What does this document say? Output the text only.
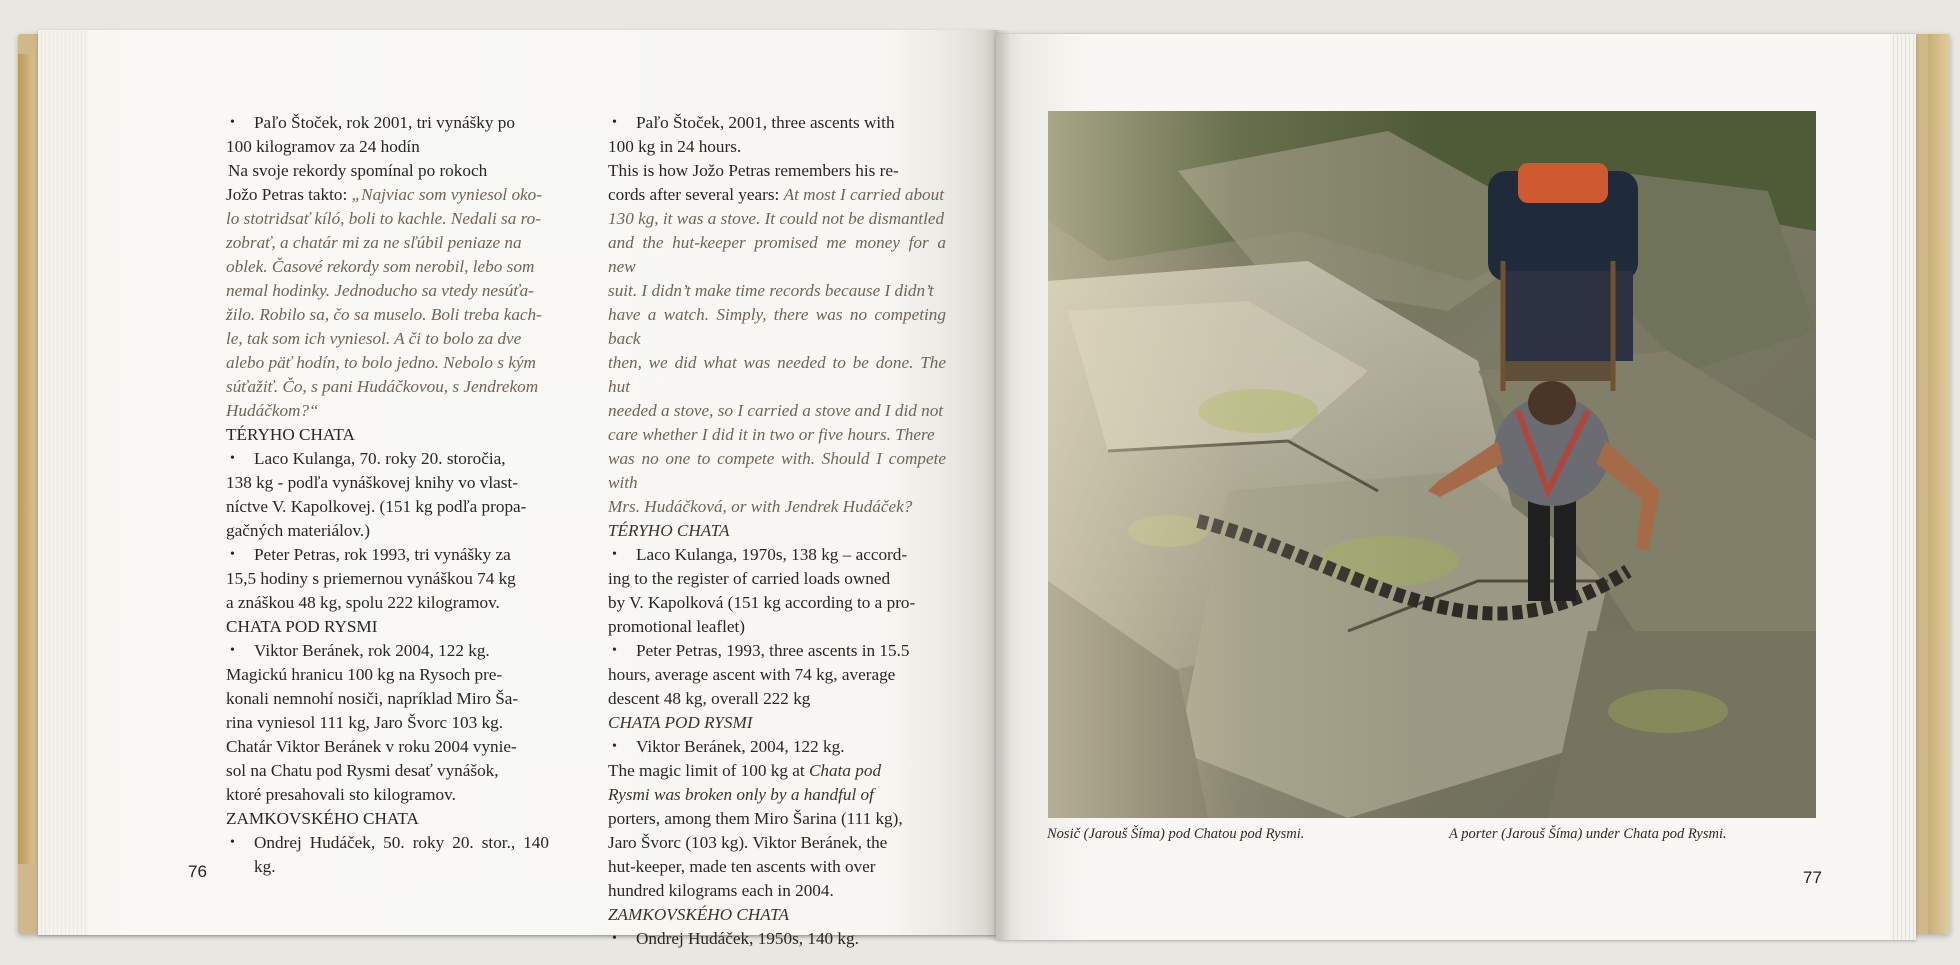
• Paľo Štoček, rok 2001, tri vynášky po
100 kilogramov za 24 hodín
Na svoje rekordy spomínal po rokoch
Jožo Petras takto: „Najviac som vyniesol oko-
lo stotridsať kíló, boli to kachle. Nedali sa ro-
zobrať, a chatár mi za ne sľúbil peniaze na
oblek. Časové rekordy som nerobil, lebo som
nemal hodinky. Jednoducho sa vtedy nesúťa-
žilo. Robilo sa, čo sa muselo. Boli treba kach-
le, tak som ich vyniesol. A či to bolo za dve
alebo päť hodín, to bolo jedno. Nebolo s kým
súťažiť. Čo, s pani Hudáčkovou, s Jendrekom
Hudáčkom?“
TÉRYHO CHATA
• Laco Kulanga, 70. roky 20. storočia,
138 kg - podľa vynáškovej knihy vo vlast-
níctve V. Kapolkovej. (151 kg podľa propa-
gačných materiálov.)
• Peter Petras, rok 1993, tri vynášky za
15,5 hodiny s priemernou vynáškou 74 kg
a znáškou 48 kg, spolu 222 kilogramov.
CHATA POD RYSMI
• Viktor Beránek, rok 2004, 122 kg.
Magickú hranicu 100 kg na Rysoch pre-
konali nemnohí nosiči, napríklad Miro Ša-
rina vyniesol 111 kg, Jaro Švorc 103 kg.
Chatár Viktor Beránek v roku 2004 vynie-
sol na Chatu pod Rysmi desať vynášok,
ktoré presahovali sto kilogramov.
ZAMKOVSKÉHO CHATA
• Ondrej Hudáček, 50. roky 20. stor., 140 kg.
• Paľo Štoček, 2001, three ascents with
100 kg in 24 hours.
This is how Jožo Petras remembers his re-
cords after several years: At most I carried about
130 kg, it was a stove. It could not be dismantled
and the hut-keeper promised me money for a new
suit. I didn’t make time records because I didn’t
have a watch. Simply, there was no competing back
then, we did what was needed to be done. The hut
needed a stove, so I carried a stove and I did not
care whether I did it in two or five hours. There
was no one to compete with. Should I compete with
Mrs. Hudáčková, or with Jendrek Hudáček?
TÉRYHO CHATA
• Laco Kulanga, 1970s, 138 kg – accord-
ing to the register of carried loads owned
by V. Kapolková (151 kg according to a pro-
promotional leaflet)
• Peter Petras, 1993, three ascents in 15.5
hours, average ascent with 74 kg, average
descent 48 kg, overall 222 kg
CHATA POD RYSMI
• Viktor Beránek, 2004, 122 kg.
The magic limit of 100 kg at Chata pod
Rysmi was broken only by a handful of
porters, among them Miro Šarina (111 kg),
Jaro Švorc (103 kg). Viktor Beránek, the
hut-keeper, made ten ascents with over
hundred kilograms each in 2004.
ZAMKOVSKÉHO CHATA
• Ondrej Hudáček, 1950s, 140 kg.
76	77
Nosič (Jarouš Šíma) pod Chatou pod Rysmi.	A porter (Jarouš Šíma) under Chata pod Rysmi.
